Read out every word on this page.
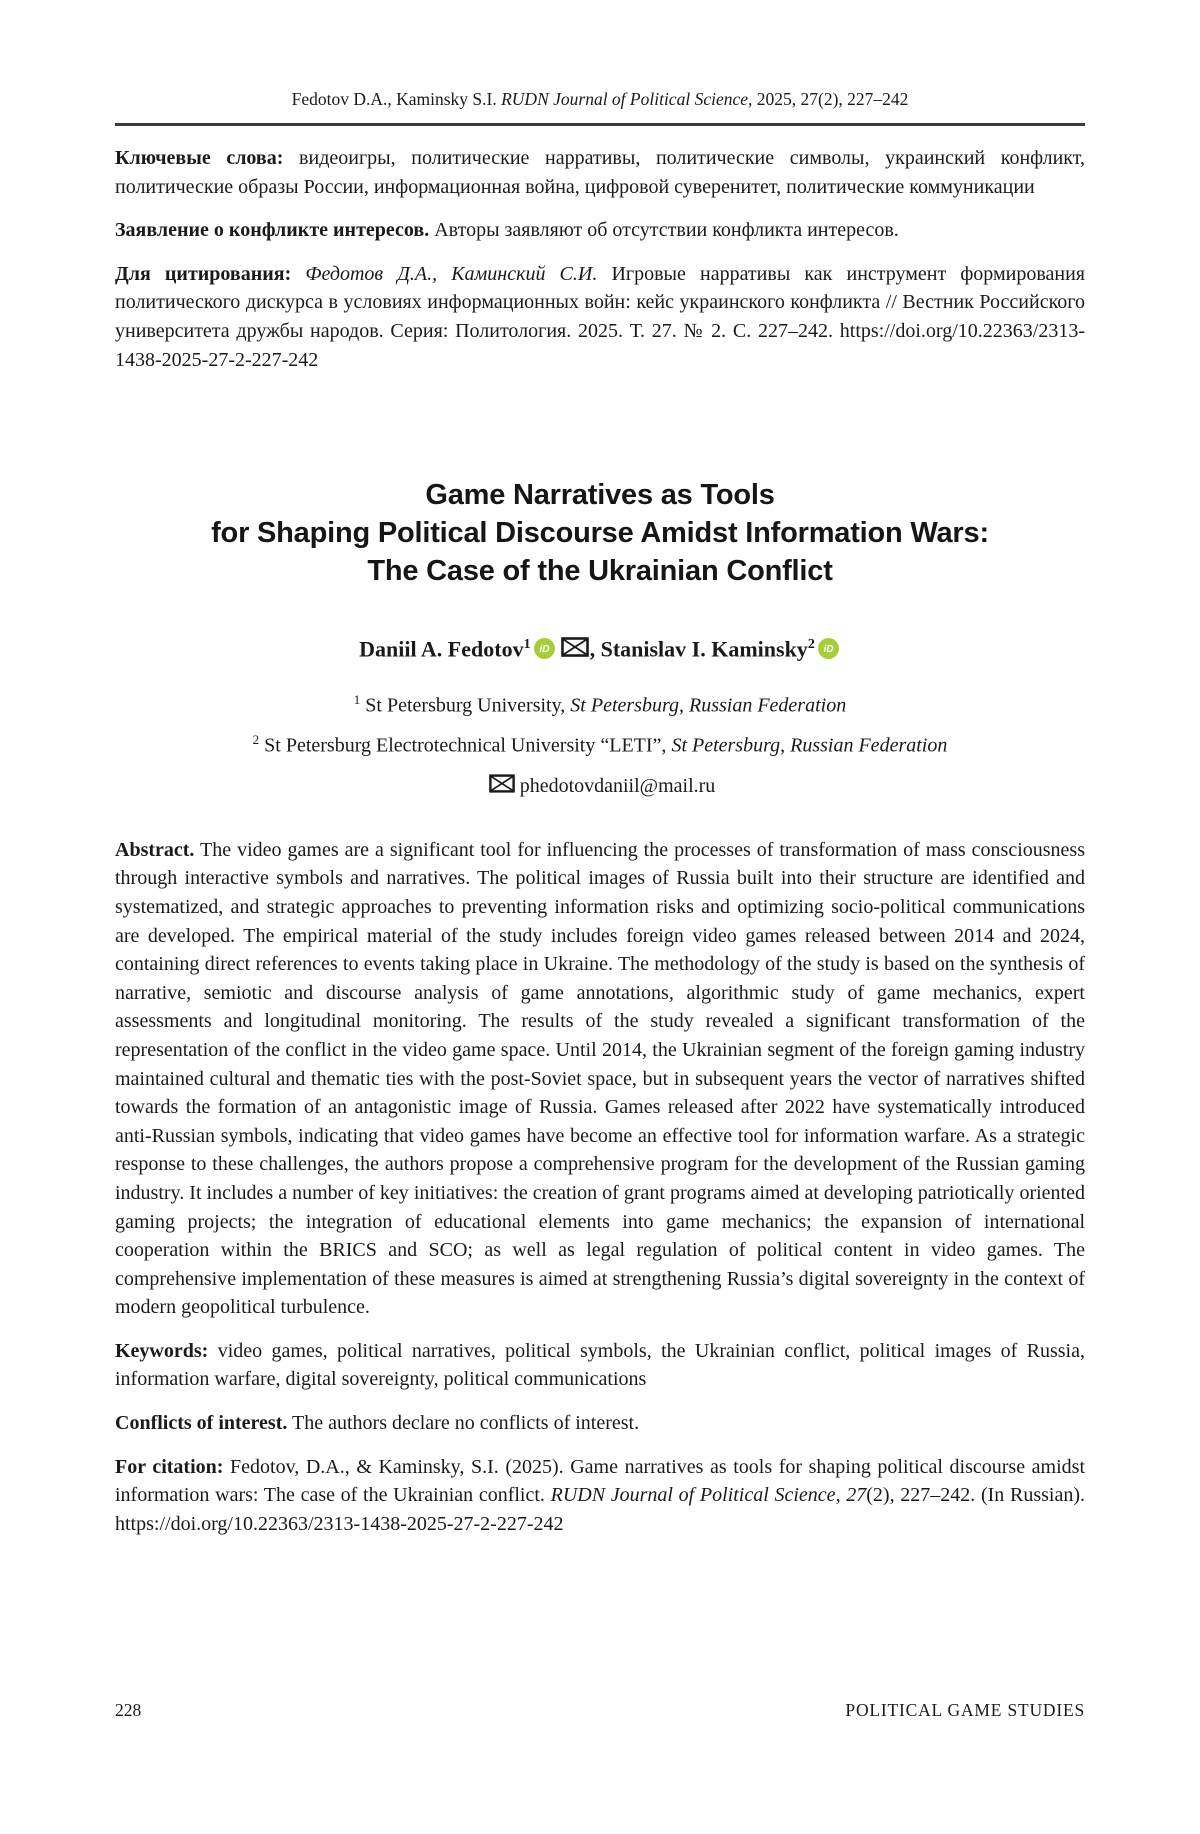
Fedotov D.A., Kaminsky S.I. RUDN Journal of Political Science, 2025, 27(2), 227–242

Ключевые слова: видеоигры, политические нарративы, политические символы, украинский конфликт, политические образы России, информационная война, цифровой суверенитет, политические коммуникации

Заявление о конфликте интересов. Авторы заявляют об отсутствии конфликта интересов.

Для цитирования: Федотов Д.А., Каминский С.И. Игровые нарративы как инструмент формирования политического дискурса в условиях информационных войн: кейс украинского конфликта // Вестник Российского университета дружбы народов. Серия: Политология. 2025. Т. 27. № 2. С. 227–242. https://doi.org/10.22363/2313-1438-2025-27-2-227-242

Game Narratives as Tools
for Shaping Political Discourse Amidst Information Wars:
The Case of the Ukrainian Conflict
Daniil A. Fedotov$^1$ iD , Stanislav I. Kaminsky$^2$ iD
$^1$ St Petersburg University, St Petersburg, Russian Federation
$^2$ St Petersburg Electrotechnical University “LETI”, St Petersburg, Russian Federation
phedotovdaniil@mail.ru

Abstract. The video games are a significant tool for influencing the processes of transformation of mass consciousness through interactive symbols and narratives. The political images of Russia built into their structure are identified and systematized, and strategic approaches to preventing information risks and optimizing socio-political communications are developed. The empirical material of the study includes foreign video games released between 2014 and 2024, containing direct references to events taking place in Ukraine. The methodology of the study is based on the synthesis of narrative, semiotic and discourse analysis of game annotations, algorithmic study of game mechanics, expert assessments and longitudinal monitoring. The results of the study revealed a significant transformation of the representation of the conflict in the video game space. Until 2014, the Ukrainian segment of the foreign gaming industry maintained cultural and thematic ties with the post-Soviet space, but in subsequent years the vector of narratives shifted towards the formation of an antagonistic image of Russia. Games released after 2022 have systematically introduced anti-Russian symbols, indicating that video games have become an effective tool for information warfare. As a strategic response to these challenges, the authors propose a comprehensive program for the development of the Russian gaming industry. It includes a number of key initiatives: the creation of grant programs aimed at developing patriotically oriented gaming projects; the integration of educational elements into game mechanics; the expansion of international cooperation within the BRICS and SCO; as well as legal regulation of political content in video games. The comprehensive implementation of these measures is aimed at strengthening Russia’s digital sovereignty in the context of modern geopolitical turbulence.

Keywords: video games, political narratives, political symbols, the Ukrainian conflict, political images of Russia, information warfare, digital sovereignty, political communications

Conflicts of interest. The authors declare no conflicts of interest.

For citation: Fedotov, D.A., & Kaminsky, S.I. (2025). Game narratives as tools for shaping political discourse amidst information wars: The case of the Ukrainian conflict. RUDN Journal of Political Science, 27(2), 227–242. (In Russian). https://doi.org/10.22363/2313-1438-2025-27-2-227-242

228	POLITICAL GAME STUDIES
